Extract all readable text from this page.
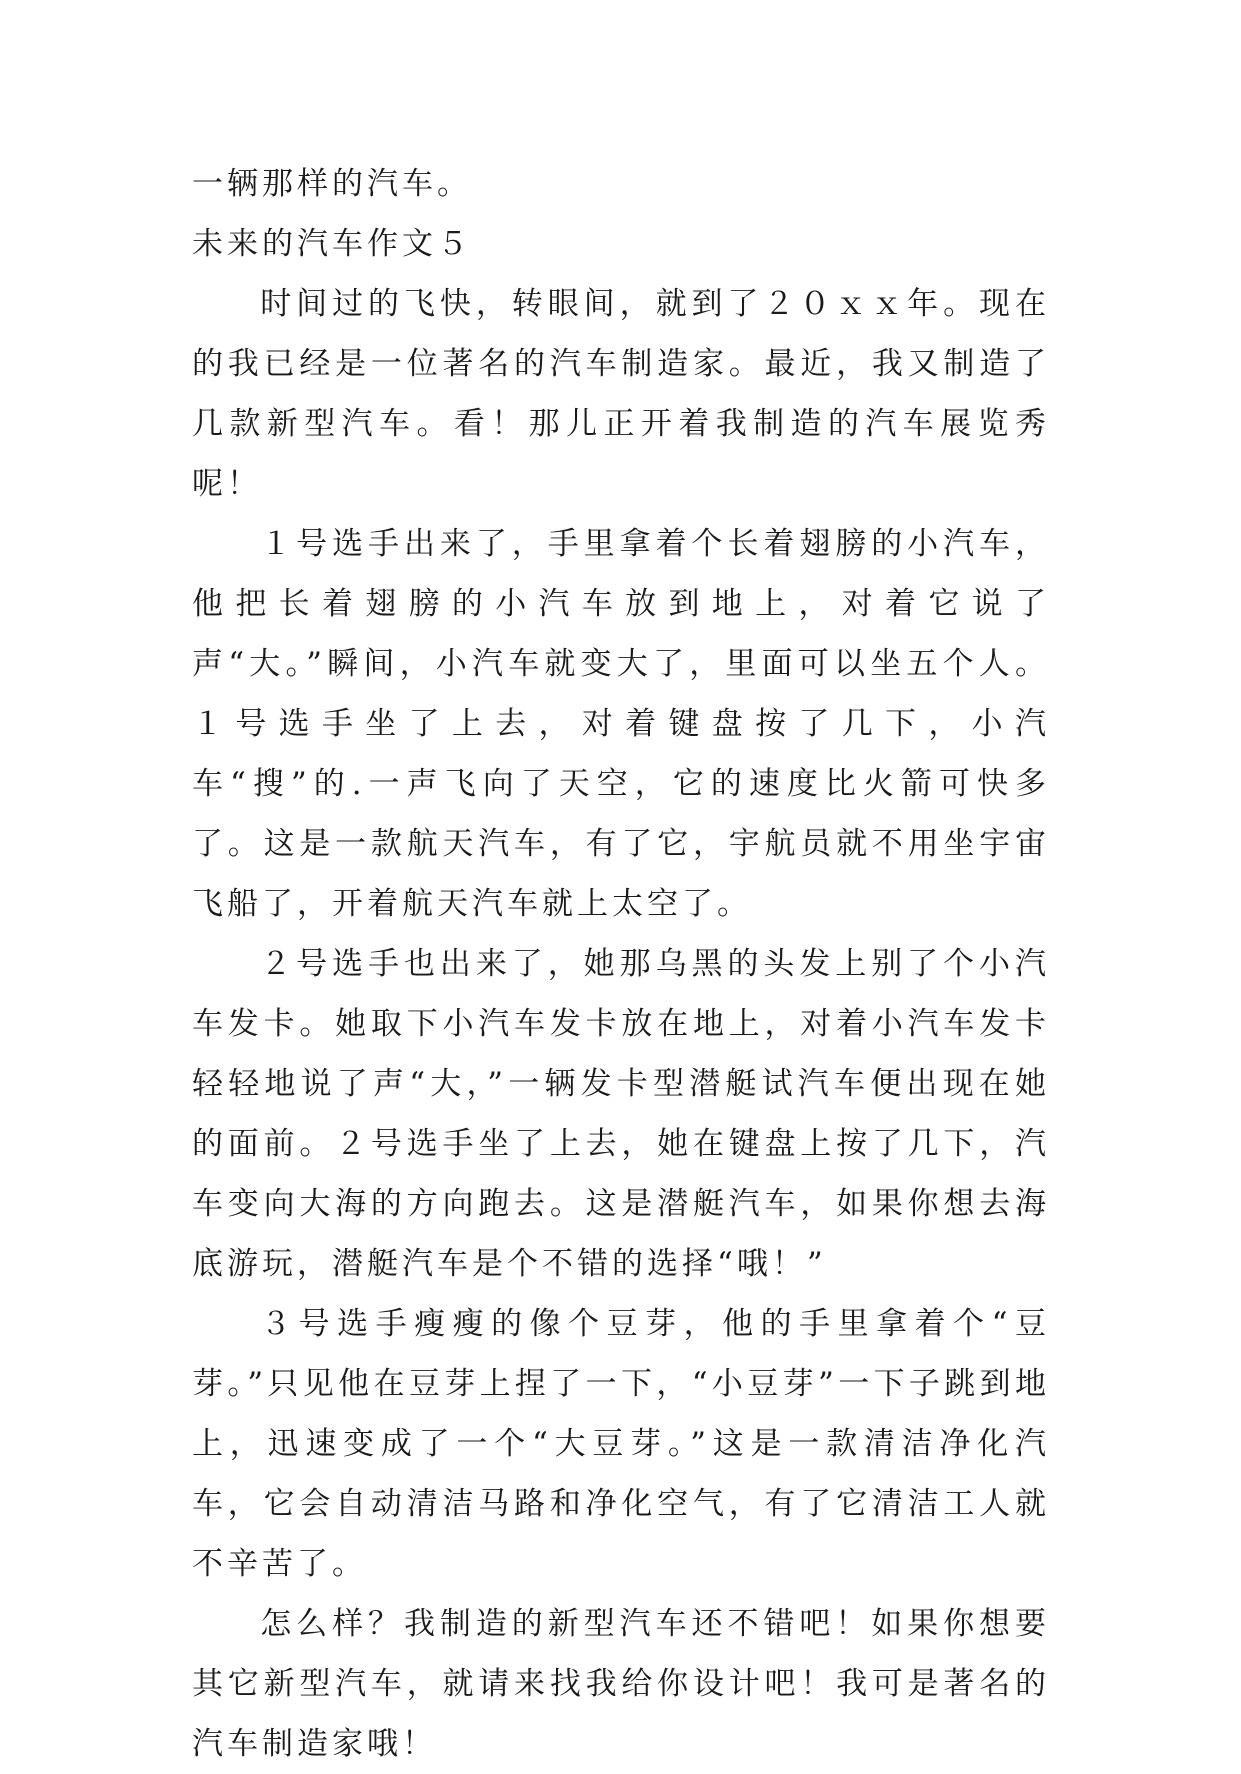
一辆那样的汽车。

未来的汽车作文５

时间过的飞快，转眼间，就到了２０ｘｘ年。现在的我已经是一位著名的汽车制造家。最近，我又制造了几款新型汽车。看！那儿正开着我制造的汽车展览秀呢！

１号选手出来了，手里拿着个长着翅膀的小汽车，他把长着翅膀的小汽车放到地上，对着它说了声“大。”瞬间，小汽车就变大了，里面可以坐五个人。１号选手坐了上去，对着键盘按了几下，小汽车“搜”的.一声飞向了天空，它的速度比火箭可快多了。这是一款航天汽车，有了它，宇航员就不用坐宇宙飞船了，开着航天汽车就上太空了。

２号选手也出来了，她那乌黑的头发上别了个小汽车发卡。她取下小汽车发卡放在地上，对着小汽车发卡轻轻地说了声“大，”一辆发卡型潜艇试汽车便出现在她的面前。２号选手坐了上去，她在键盘上按了几下，汽车变向大海的方向跑去。这是潜艇汽车，如果你想去海底游玩，潜艇汽车是个不错的选择“哦！”

３号选手瘦瘦的像个豆芽，他的手里拿着个“豆芽。”只见他在豆芽上捏了一下，“小豆芽”一下子跳到地上，迅速变成了一个“大豆芽。”这是一款清洁净化汽车，它会自动清洁马路和净化空气，有了它清洁工人就不辛苦了。

怎么样？我制造的新型汽车还不错吧！如果你想要其它新型汽车，就请来找我给你设计吧！我可是著名的汽车制造家哦！
